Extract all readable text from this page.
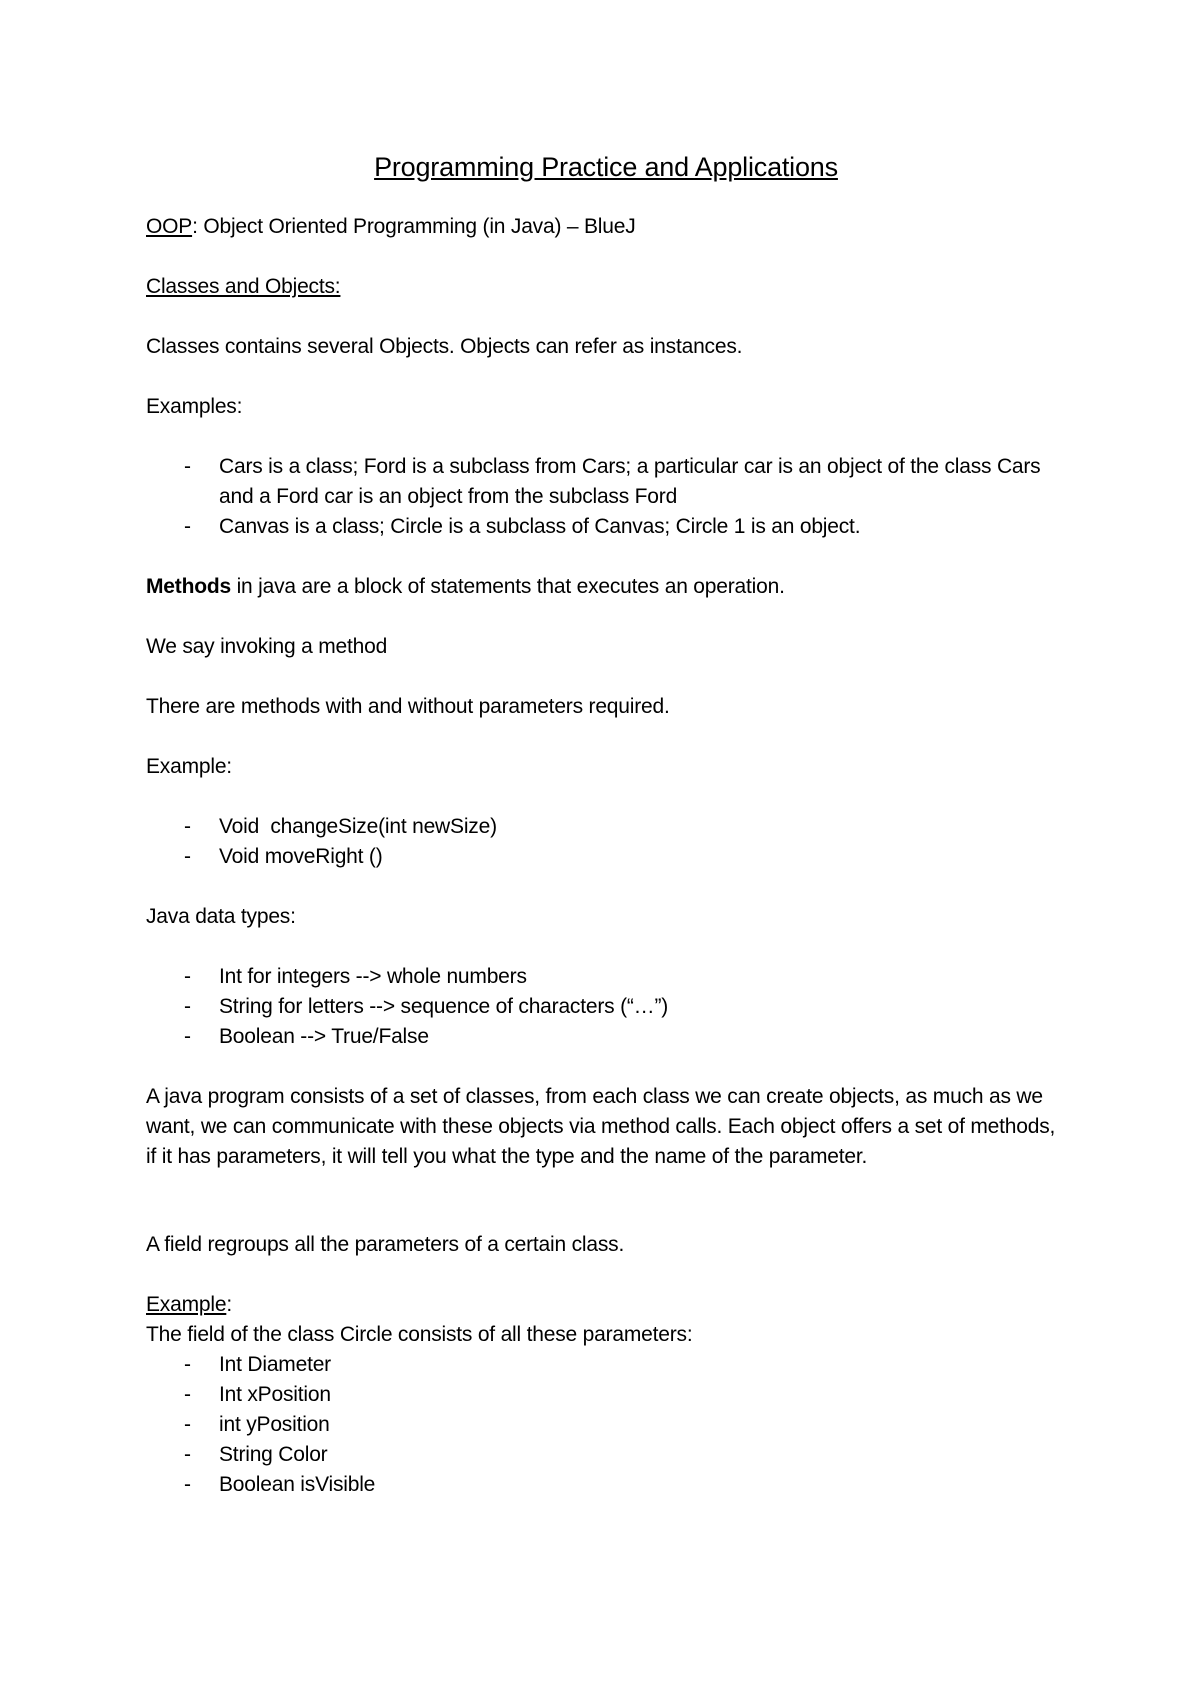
Programming Practice and Applications

OOP: Object Oriented Programming (in Java) – BlueJ

Classes and Objects:

Classes contains several Objects. Objects can refer as instances.

Examples:

- Cars is a class; Ford is a subclass from Cars; a particular car is an object of the class Cars and a Ford car is an object from the subclass Ford
- Canvas is a class; Circle is a subclass of Canvas; Circle 1 is an object.

Methods in java are a block of statements that executes an operation.

We say invoking a method

There are methods with and without parameters required.

Example:

- Void  changeSize(int newSize)
- Void moveRight ()

Java data types:

- Int for integers --> whole numbers
- String for letters --> sequence of characters (“…”)
- Boolean --> True/False

A java program consists of a set of classes, from each class we can create objects, as much as we want, we can communicate with these objects via method calls. Each object offers a set of methods, if it has parameters, it will tell you what the type and the name of the parameter.

A field regroups all the parameters of a certain class.

Example:

The field of the class Circle consists of all these parameters:

- Int Diameter
- Int xPosition
- int yPosition
- String Color
- Boolean isVisible
